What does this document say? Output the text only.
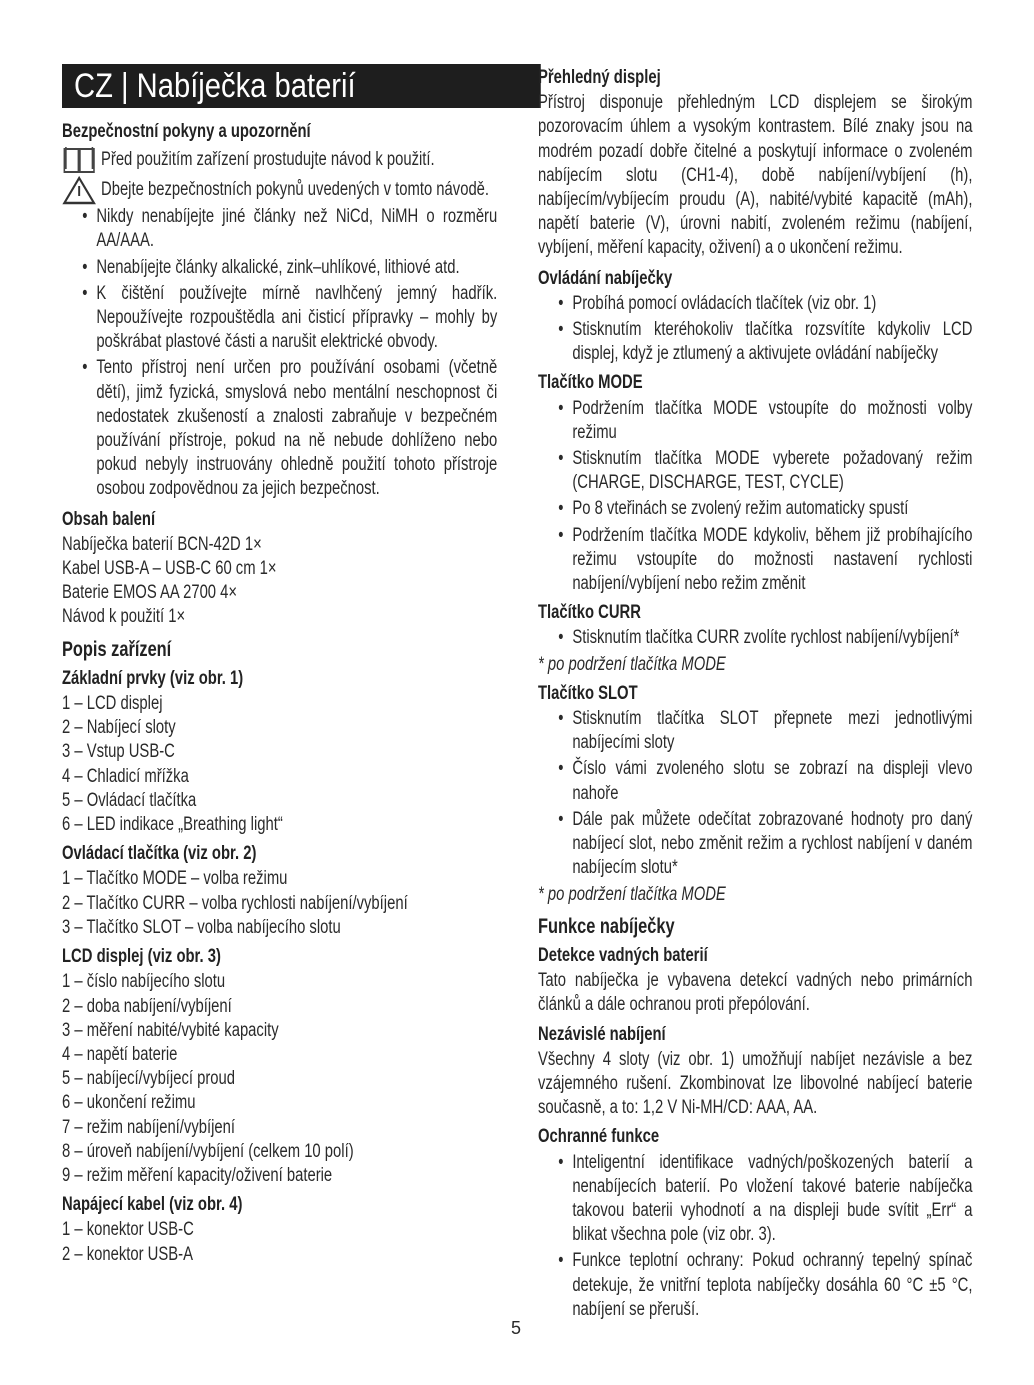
CZ | Nabíječka baterií
Bezpečnostní pokyny a upozornění
Před použitím zařízení prostudujte návod k použití.
Dbejte bezpečnostních pokynů uvedených v tomto návodě.
• Nikdy nenabíjejte jiné články než NiCd, NiMH o rozměru AA/AAA.
• Nenabíjejte články alkalické, zink–uhlíkové, lithiové atd.
• K čištění používejte mírně navlhčený jemný hadřík. Nepoužívejte rozpouštědla ani čisticí přípravky – mohly by poškrábat plastové části a narušit elektrické obvody.
• Tento přístroj není určen pro používání osobami (včetně dětí), jimž fyzická, smyslová nebo mentální neschopnost či nedostatek zkušeností a znalosti zabraňuje v bezpečném používání přístroje, pokud na ně nebude dohlíženo nebo pokud nebyly instruovány ohledně použití tohoto přístroje osobou zodpovědnou za jejich bezpečnost.
Obsah balení
Nabíječka baterií BCN-42D 1×
Kabel USB-A – USB-C 60 cm 1×
Baterie EMOS AA 2700 4×
Návod k použití 1×
Popis zařízení
Základní prvky (viz obr. 1)
1 – LCD displej
2 – Nabíjecí sloty
3 – Vstup USB-C
4 – Chladicí mřížka
5 – Ovládací tlačítka
6 – LED indikace „Breathing light“
Ovládací tlačítka (viz obr. 2)
1 – Tlačítko MODE – volba režimu
2 – Tlačítko CURR – volba rychlosti nabíjení/vybíjení
3 – Tlačítko SLOT – volba nabíjecího slotu
LCD displej (viz obr. 3)
1 – číslo nabíjecího slotu
2 – doba nabíjení/vybíjení
3 – měření nabité/vybité kapacity
4 – napětí baterie
5 – nabíjecí/vybíjecí proud
6 – ukončení režimu
7 – režim nabíjení/vybíjení
8 – úroveň nabíjení/vybíjení (celkem 10 polí)
9 – režim měření kapacity/oživení baterie
Napájecí kabel (viz obr. 4)
1 – konektor USB-C
2 – konektor USB-A
Přehledný displej

Přístroj disponuje přehledným LCD displejem se širokým pozorovacím úhlem a vysokým kontrastem. Bílé znaky jsou na modrém pozadí dobře čitelné a poskytují informace o zvoleném nabíjecím slotu (CH1-4), době nabíjení/vybíjení (h), nabíjecím/vybíjecím proudu (A), nabité/vybité kapacitě (mAh), napětí baterie (V), úrovni nabití, zvoleném režimu (nabíjení, vybíjení, měření kapacity, oživení) a o ukončení režimu.

Ovládání nabíječky
• Probíhá pomocí ovládacích tlačítek (viz obr. 1)
• Stisknutím kteréhokoliv tlačítka rozsvítíte kdykoliv LCD displej, když je ztlumený a aktivujete ovládání nabíječky
Tlačítko MODE
• Podržením tlačítka MODE vstoupíte do možnosti volby režimu
• Stisknutím tlačítka MODE vyberete požadovaný režim (CHARGE, DISCHARGE, TEST, CYCLE)
• Po 8 vteřinách se zvolený režim automaticky spustí
• Podržením tlačítka MODE kdykoliv, během již probíhajícího režimu vstoupíte do možnosti nastavení rychlosti nabíjení/vybíjení nebo režim změnit
Tlačítko CURR
• Stisknutím tlačítka CURR zvolíte rychlost nabíjení/vybíjení*

* po podržení tlačítka MODE

Tlačítko SLOT
• Stisknutím tlačítka SLOT přepnete mezi jednotlivými nabíjecími sloty
• Číslo vámi zvoleného slotu se zobrazí na displeji vlevo nahoře
• Dále pak můžete odečítat zobrazované hodnoty pro daný nabíjecí slot, nebo změnit režim a rychlost nabíjení v daném nabíjecím slotu*

* po podržení tlačítka MODE

Funkce nabíječky
Detekce vadných baterií

Tato nabíječka je vybavena detekcí vadných nebo primárních článků a dále ochranou proti přepólování.

Nezávislé nabíjení

Všechny 4 sloty (viz obr. 1) umožňují nabíjet nezávisle a bez vzájemného rušení. Zkombinovat lze libovolné nabíjecí baterie současně, a to: 1,2 V Ni-MH/CD: AAA, AA.

Ochranné funkce
• Inteligentní identifikace vadných/poškozených baterií a nenabíjecích baterií. Po vložení takové baterie nabíječka takovou baterii vyhodnotí a na displeji bude svítit „Err“ a blikat všechna pole (viz obr. 3).
• Funkce teplotní ochrany: Pokud ochranný tepelný spínač detekuje, že vnitřní teplota nabíječky dosáhla 60 °C ±5 °C, nabíjení se přeruší.
5
